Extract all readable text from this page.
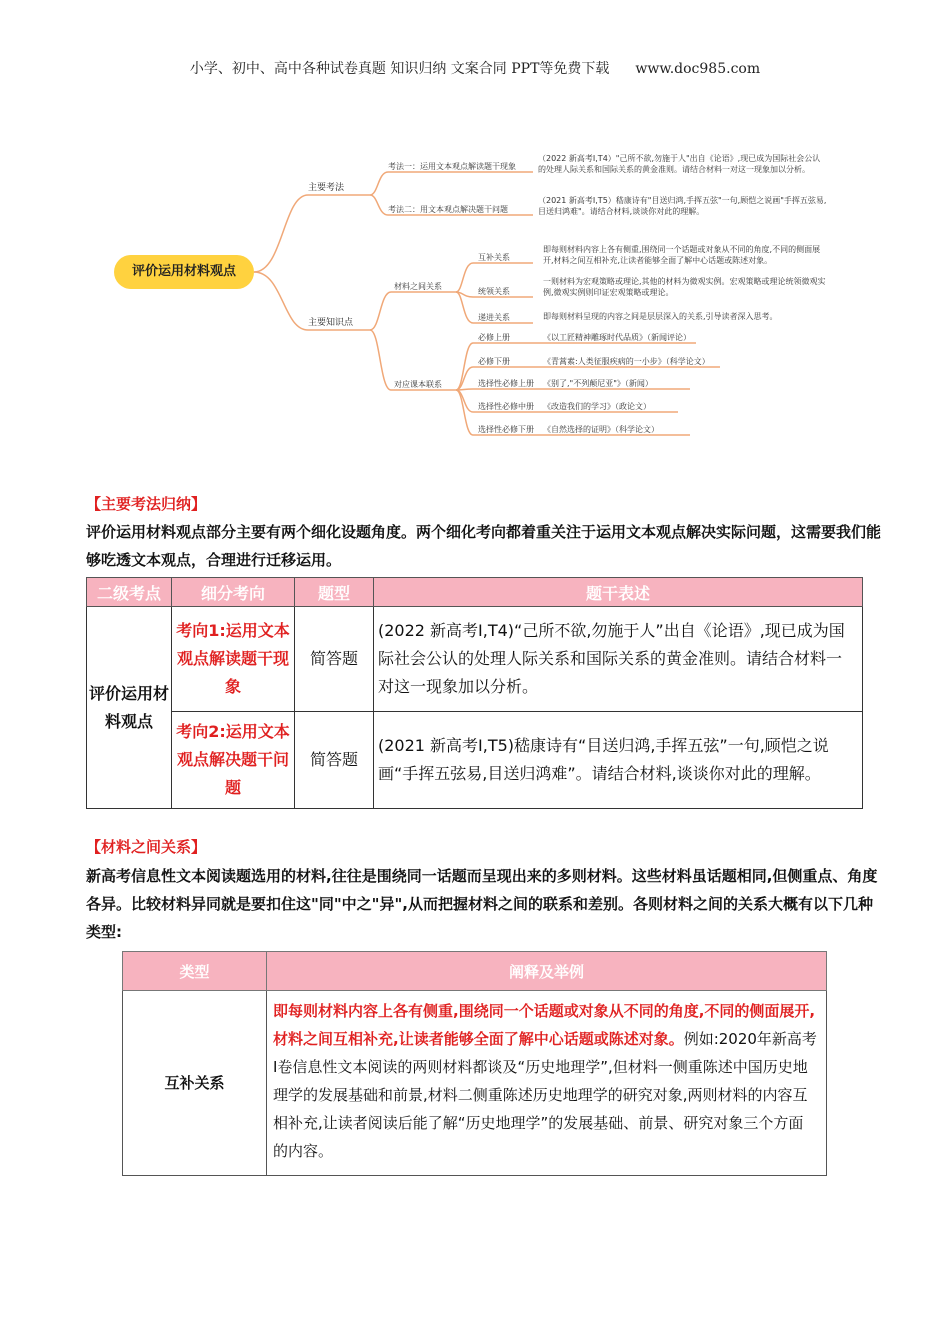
小学、初中、高中各种试卷真题 知识归纳 文案合同 PPT等免费下载 www.doc985.com
评价运用材料观点
主要考法
主要知识点
考法一：运用文本观点解读题干现象
（2022 新高考Ⅰ,T4）"己所不欲,勿施于人"出自《论语》,现已成为国际社会公认的处理人际关系和国际关系的黄金准则。请结合材料一对这一现象加以分析。
考法二：用文本观点解决题干问题
（2021 新高考Ⅰ,T5）嵇康诗有"目送归鸿,手挥五弦"一句,顾恺之说画"手挥五弦易,目送归鸿难"。请结合材料,谈谈你对此的理解。
材料之间关系
互补关系
即每则材料内容上各有侧重,围绕同一个话题或对象从不同的角度,不同的侧面展开,材料之间互相补充,让读者能够全面了解中心话题或陈述对象。
统领关系
一则材料为宏观策略或理论,其他的材料为微观实例。宏观策略或理论统领微观实例,微观实例则印证宏观策略或理论。
递进关系	即每则材料呈现的内容之间是层层深入的关系,引导读者深入思考。
对应课本联系
必修上册	《以工匠精神雕琢时代品质》（新闻评论）
必修下册	《青蒿素:人类征服疾病的一小步》（科学论文）
选择性必修上册 《别了,"不列颠尼亚"》（新闻）
选择性必修中册 《改造我们的学习》（政论文）
选择性必修下册 《自然选择的证明》（科学论文）
【主要考法归纳】
评价运用材料观点部分主要有两个细化设题角度。两个细化考向都着重关注于运用文本观点解决实际问题，这需要我们能够吃透文本观点，合理进行迁移运用。
二级考点	细分考向	题型	题干表述
评价运用材料观点	考向1:运用文本观点解读题干现象	简答题	(2022 新高考Ⅰ,T4)“己所不欲,勿施于人”出自《论语》,现已成为国际社会公认的处理人际关系和国际关系的黄金准则。请结合材料一对这一现象加以分析。
	考向2:运用文本观点解决题干问题	简答题	(2021 新高考Ⅰ,T5)嵇康诗有“目送归鸿,手挥五弦”一句,顾恺之说画“手挥五弦易,目送归鸿难”。请结合材料,谈谈你对此的理解。
【材料之间关系】
新高考信息性文本阅读题选用的材料,往往是围绕同一话题而呈现出来的多则材料。这些材料虽话题相同,但侧重点、角度各异。比较材料异同就是要扣住这"同"中之"异",从而把握材料之间的联系和差别。各则材料之间的关系大概有以下几种类型:
类型	阐释及举例
互补关系	即每则材料内容上各有侧重,围绕同一个话题或对象从不同的角度,不同的侧面展开,材料之间互相补充,让读者能够全面了解中心话题或陈述对象。例如:2020年新高考Ⅰ卷信息性文本阅读的两则材料都谈及“历史地理学”,但材料一侧重陈述中国历史地理学的发展基础和前景,材料二侧重陈述历史地理学的研究对象,两则材料的内容互相补充,让读者阅读后能了解“历史地理学”的发展基础、前景、研究对象三个方面的内容。
